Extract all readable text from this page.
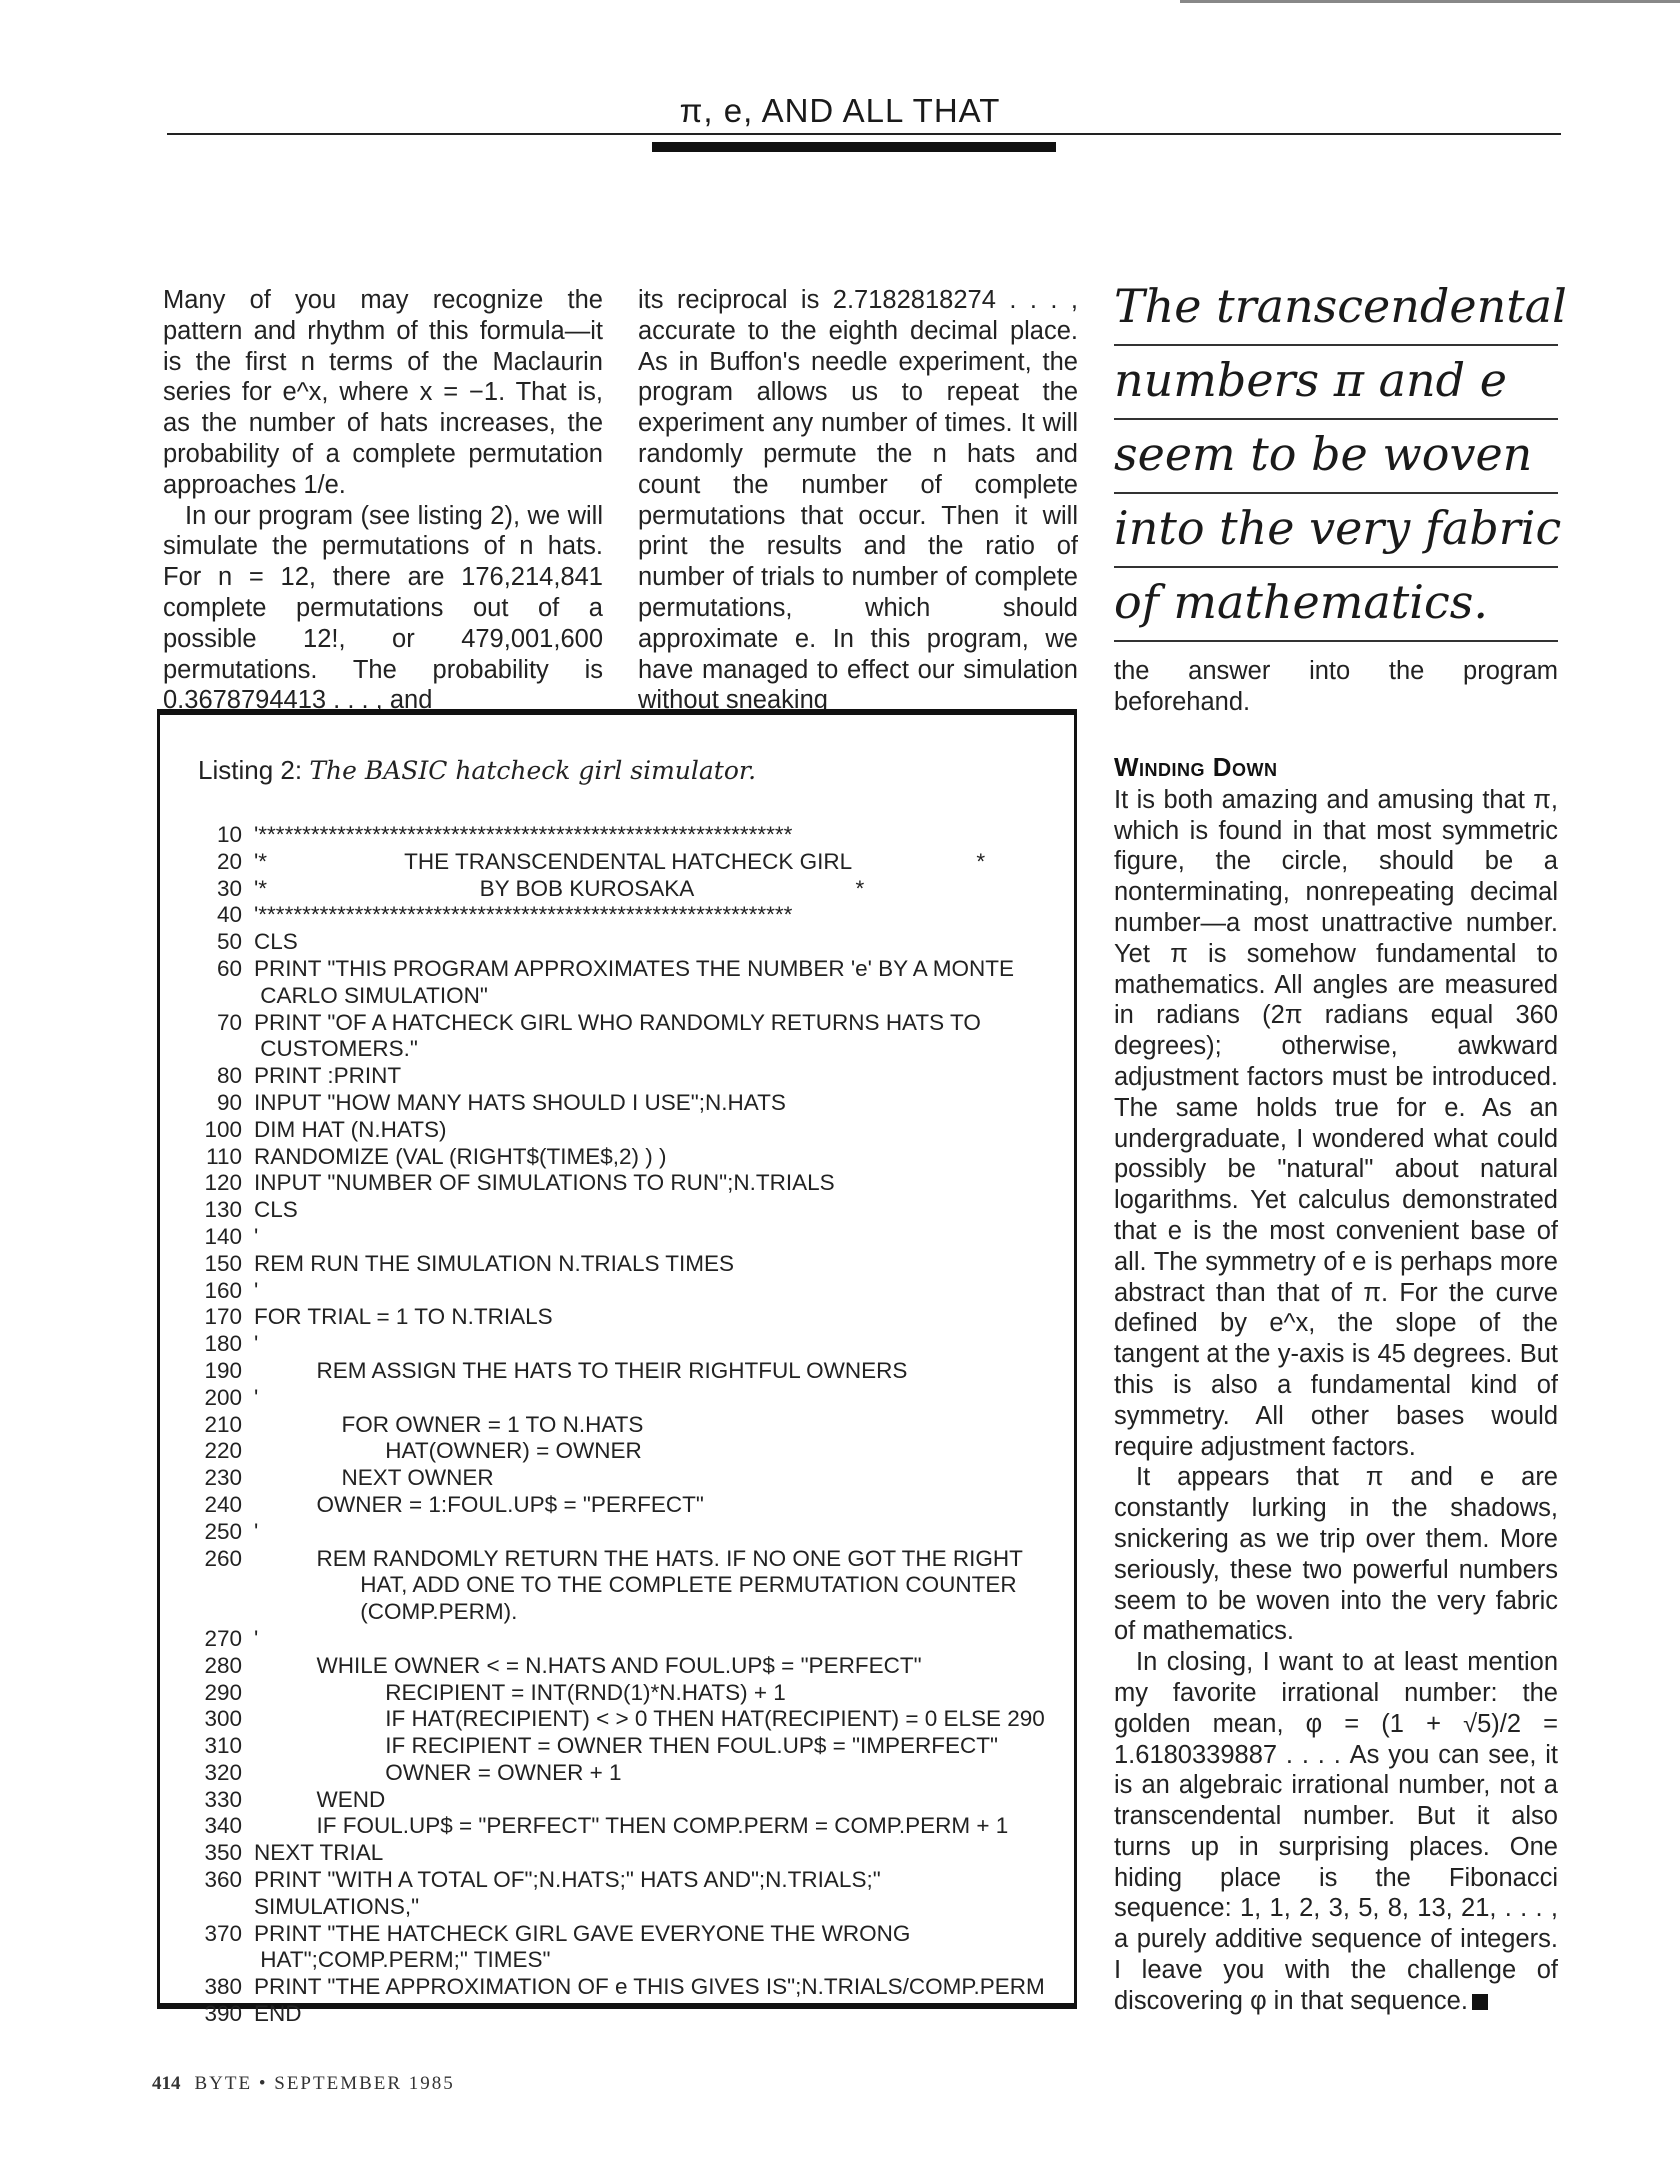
π, e, AND ALL THAT

Many of you may recognize the pattern and rhythm of this formula—it is the first n terms of the Maclaurin series for e^x, where x = −1. That is, as the number of hats increases, the probability of a complete permutation approaches 1/e.

In our program (see listing 2), we will simulate the permutations of n hats. For n = 12, there are 176,214,841 complete permutations out of a possible 12!, or 479,001,600 permutations. The probability is 0.3678794413 . . . , and

its reciprocal is 2.7182818274 . . . , accurate to the eighth decimal place. As in Buffon's needle experiment, the program allows us to repeat the experiment any number of times. It will randomly permute the n hats and count the number of complete permutations that occur. Then it will print the results and the ratio of number of trials to number of complete permutations, which should approximate e. In this program, we have managed to effect our simulation without sneaking

The transcendental
numbers π and e
seem to be woven
into the very fabric
of mathematics.

the answer into the program beforehand.

Winding Down

It is both amazing and amusing that π, which is found in that most symmetric figure, the circle, should be a nonterminating, nonrepeating decimal number—a most unattractive number. Yet π is somehow fundamental to mathematics. All angles are measured in radians (2π radians equal 360 degrees); otherwise, awkward adjustment factors must be introduced. The same holds true for e. As an undergraduate, I wondered what could possibly be "natural" about natural logarithms. Yet calculus demonstrated that e is the most convenient base of all. The symmetry of e is perhaps more abstract than that of π. For the curve defined by e^x, the slope of the tangent at the y-axis is 45 degrees. But this is also a fundamental kind of symmetry. All other bases would require adjustment factors.

It appears that π and e are constantly lurking in the shadows, snickering as we trip over them. More seriously, these two powerful numbers seem to be woven into the very fabric of mathematics.

In closing, I want to at least mention my favorite irrational number: the golden mean, φ = (1 + √5)/2 = 1.6180339887 . . . . As you can see, it is an algebraic irrational number, not a transcendental number. But it also turns up in surprising places. One hiding place is the Fibonacci sequence: 1, 1, 2, 3, 5, 8, 13, 21, . . . , a purely additive sequence of integers. I leave you with the challenge of discovering φ in that sequence.

Listing 2: The BASIC hatcheck girl simulator.
10 '*************************************************************
20 '*                      THE TRANSCENDENTAL HATCHECK GIRL                    *
30 '*                                  BY BOB KUROSAKA                          *
40 '*************************************************************
50 CLS
60 PRINT "THIS PROGRAM APPROXIMATES THE NUMBER 'e' BY A MONTE
CARLO SIMULATION"
70 PRINT "OF A HATCHECK GIRL WHO RANDOMLY RETURNS HATS TO
CUSTOMERS."
80 PRINT :PRINT
90 INPUT "HOW MANY HATS SHOULD I USE";N.HATS
100 DIM HAT (N.HATS)
110 RANDOMIZE (VAL (RIGHT$(TIME$,2) ) )
120 INPUT "NUMBER OF SIMULATIONS TO RUN";N.TRIALS
130 CLS
140 '
150 REM RUN THE SIMULATION N.TRIALS TIMES
160 '
170 FOR TRIAL = 1 TO N.TRIALS
180 '
190 REM ASSIGN THE HATS TO THEIR RIGHTFUL OWNERS
200 '
210 FOR OWNER = 1 TO N.HATS
220 HAT(OWNER) = OWNER
230 NEXT OWNER
240 OWNER = 1:FOUL.UP$ = "PERFECT"
250 '
260	REM RANDOMLY RETURN THE HATS. IF NO ONE GOT THE RIGHT
HAT, ADD ONE TO THE COMPLETE PERMUTATION COUNTER
(COMP.PERM).
270 '
280 WHILE OWNER < = N.HATS AND FOUL.UP$ = "PERFECT"
290 RECIPIENT = INT(RND(1)*N.HATS) + 1
300 IF HAT(RECIPIENT) < > 0 THEN HAT(RECIPIENT) = 0 ELSE 290
310 IF RECIPIENT = OWNER THEN FOUL.UP$ = "IMPERFECT"
320 OWNER = OWNER + 1
330 WEND
340 IF FOUL.UP$ = "PERFECT" THEN COMP.PERM = COMP.PERM + 1
350 NEXT TRIAL
360 PRINT "WITH A TOTAL OF";N.HATS;" HATS AND";N.TRIALS;"
SIMULATIONS,"
370 PRINT "THE HATCHECK GIRL GAVE EVERYONE THE WRONG
HAT";COMP.PERM;" TIMES"
380 PRINT "THE APPROXIMATION OF e THIS GIVES IS";N.TRIALS/COMP.PERM
390 END
414 BYTE • SEPTEMBER 1985
